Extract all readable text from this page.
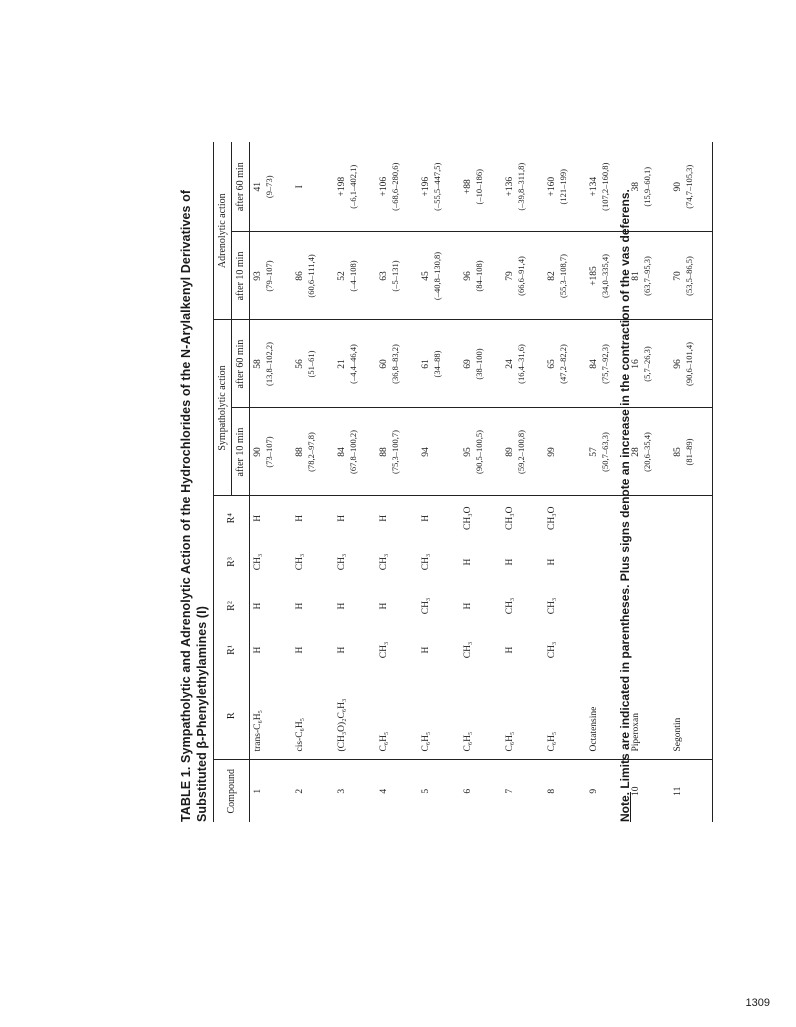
TABLE 1. Sympatholytic and Adrenolytic Action of the Hydrochlorides of the N-Arylalkenyl Derivatives of Substituted β-Phenylethylamines (I) Compound	R	R¹	R²	R³	R⁴	Sympatholytic action		Adrenolytic action	
						after 10 min	after 60 min	after 10 min	after 60 min
1	trans-C₆H₅	H	H	CH₃	H	90 (73–107)	58 (13,8–102,2)	93 (79–107)	41 (9–73)

2	cis-C₆H₅	H	H	CH₃	H	88 (78,2–97,8)	56 (51–61)	86 (60,6–111,4)	I

3	(CH₃O)₂C₆H₃	H	H	CH₃	H	84 (67,8–100,2)	21 (–4,4–46,4)	52 (–4–108)	+198 (–6,1–402,1)

4	C₆H₅	CH₃	H	CH₃	H	88 (75,3–100,7)	60 (36,8–83,2)	63 (–5–131)	+106 (–68,6–280,6)

5	C₆H₅	H	CH₃	CH₃	H	94	61 (34–88)	45 (–40,8–130,8)	+196 (–55,5–447,5)

6	C₆H₅	CH₃	H	H	CH₃O	95 (90,5–100,5)	69 (38–100)	96 (84–108)	+88 (–10–186)

7	C₆H₅	H	CH₃	H	CH₃O	89 (59,2–100,8)	24 (16,4–31,6)	79 (66,6–91,4)	+136 (–39,8–311,8)

8	C₆H₅	CH₃	CH₃	H	CH₃O	99	65 (47,2–82,2)	82 (55,3–108,7)	+160 (121–199)

9	Octatensine					57 (50,7–63,3)	84 (75,7–92,3)	+185 (34,0–335,4)	+134 (107,2–160,8)

10	Piperoxan					28 (20,6–35,4)	16 (5,7–26,3)	81 (63,7–95,3)	38 (15,9–60,1)

11	Segontin					85 (81–89)	96 (90,6–101,4)	70 (53,5–86,5)	90 (74,7–105,3)
Note. Limits are indicated in parentheses. Plus signs denote an increase in the contraction of the vas deferens.
1309
